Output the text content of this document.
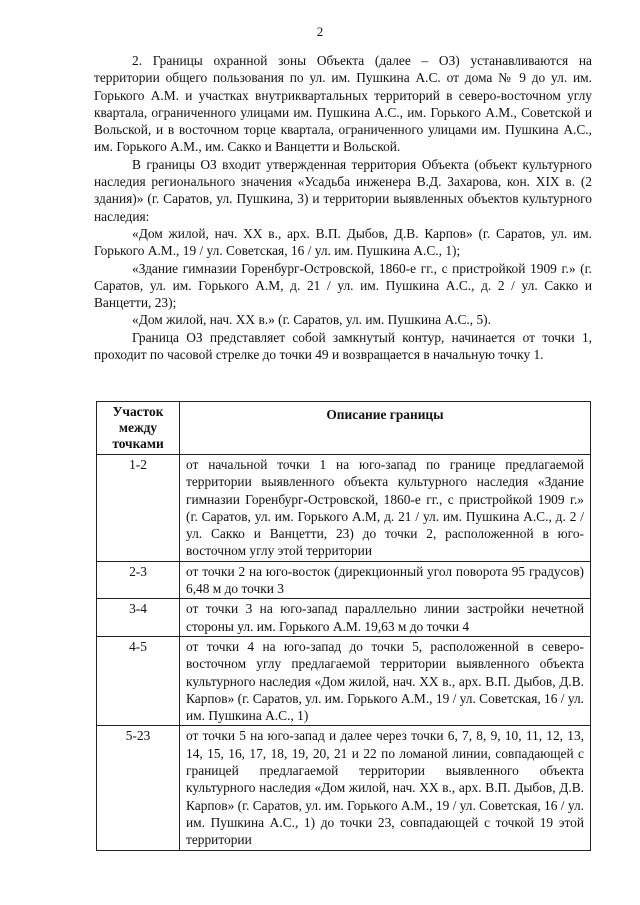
2

2. Границы охранной зоны Объекта (далее – ОЗ) устанавливаются на территории общего пользования по ул. им. Пушкина А.С. от дома № 9 до ул. им. Горького А.М. и участках внутриквартальных территорий в северо-восточном углу квартала, ограниченного улицами им. Пушкина А.С., им. Горького А.М., Советской и Вольской, и в восточном торце квартала, ограниченного улицами им. Пушкина А.С., им. Горького А.М., им. Сакко и Ванцетти и Вольской.

В границы ОЗ входит утвержденная территория Объекта (объект культурного наследия регионального значения «Усадьба инженера В.Д. Захарова, кон. XIX в. (2 здания)» (г. Саратов, ул. Пушкина, 3) и территории выявленных объектов культурного наследия:

«Дом жилой, нач. XX в., арх. В.П. Дыбов, Д.В. Карпов» (г. Саратов, ул. им. Горького А.М., 19 / ул. Советская, 16 / ул. им. Пушкина А.С., 1);

«Здание гимназии Горенбург-Островской, 1860-е гг., с пристройкой 1909 г.» (г. Саратов, ул. им. Горького А.М, д. 21 / ул. им. Пушкина А.С., д. 2 / ул. Сакко и Ванцетти, 23);

«Дом жилой, нач. XX в.» (г. Саратов, ул. им. Пушкина А.С., 5).

Граница ОЗ представляет собой замкнутый контур, начинается от точки 1, проходит по часовой стрелке до точки 49 и возвращается в начальную точку 1.

Участок между точками	Описание границы
1-2	от начальной точки 1 на юго-запад по границе предлагаемой территории выявленного объекта культурного наследия «Здание гимназии Горенбург-Островской, 1860-е гг., с пристройкой 1909 г.» (г. Саратов, ул. им. Горького А.М, д. 21 / ул. им. Пушкина А.С., д. 2 / ул. Сакко и Ванцетти, 23) до точки 2, расположенной в юго-восточном углу этой территории
2-3	от точки 2 на юго-восток (дирекционный угол поворота 95 градусов) 6,48 м до точки 3
3-4	от точки 3 на юго-запад параллельно линии застройки нечетной стороны ул. им. Горького А.М. 19,63 м до точки 4
4-5	от точки 4 на юго-запад до точки 5, расположенной в северо-восточном углу предлагаемой территории выявленного объекта культурного наследия «Дом жилой, нач. XX в., арх. В.П. Дыбов, Д.В. Карпов» (г. Саратов, ул. им. Горького А.М., 19 / ул. Советская, 16 / ул. им. Пушкина А.С., 1)
5-23	от точки 5 на юго-запад и далее через точки 6, 7, 8, 9, 10, 11, 12, 13, 14, 15, 16, 17, 18, 19, 20, 21 и 22 по ломаной линии, совпадающей с границей предлагаемой территории выявленного объекта культурного наследия «Дом жилой, нач. XX в., арх. В.П. Дыбов, Д.В. Карпов» (г. Саратов, ул. им. Горького А.М., 19 / ул. Советская, 16 / ул. им. Пушкина А.С., 1) до точки 23, совпадающей с точкой 19 этой территории
